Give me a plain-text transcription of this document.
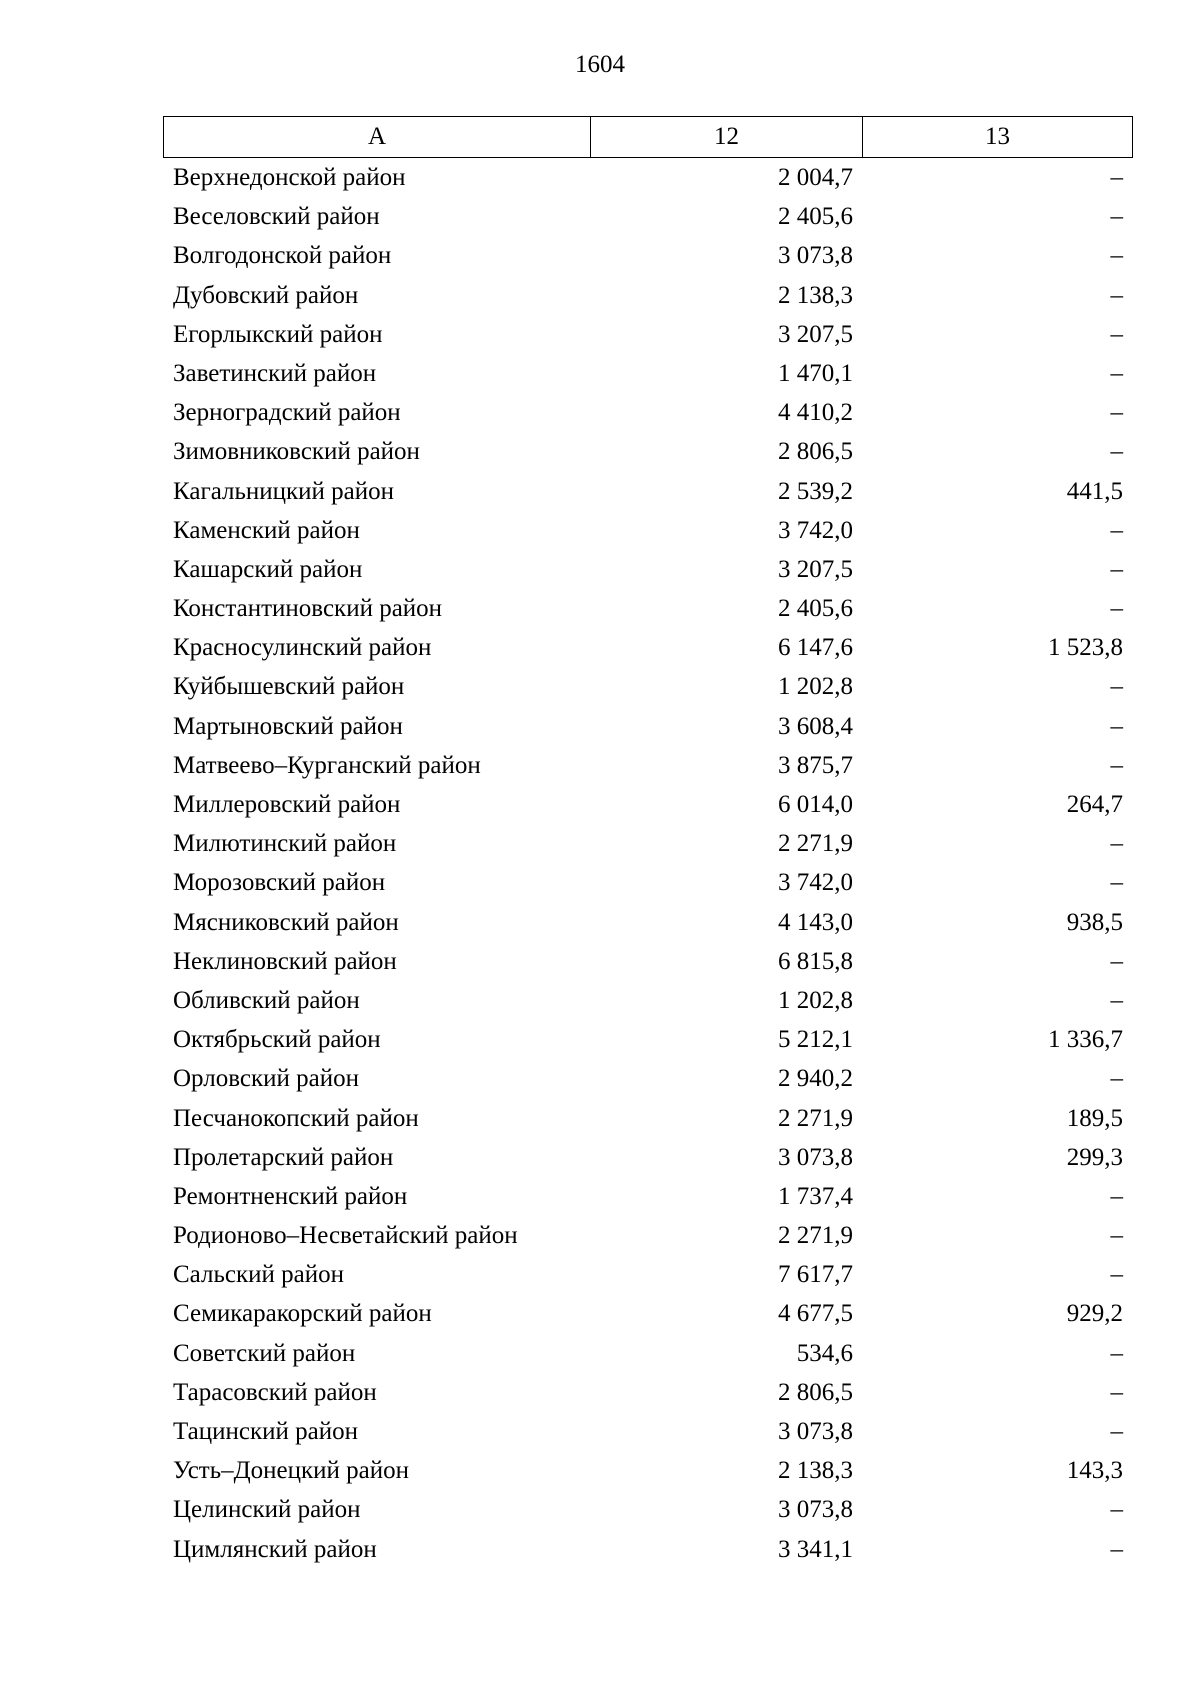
1604
А	12	13
Верхнедонской район	2 004,7	–
Веселовский район	2 405,6	–
Волгодонской район	3 073,8	–
Дубовский район	2 138,3	–
Егорлыкский район	3 207,5	–
Заветинский район	1 470,1	–
Зерноградский район	4 410,2	–
Зимовниковский район	2 806,5	–
Кагальницкий район	2 539,2	441,5
Каменский район	3 742,0	–
Кашарский район	3 207,5	–
Константиновский район	2 405,6	–
Красносулинский район	6 147,6	1 523,8
Куйбышевский район	1 202,8	–
Мартыновский район	3 608,4	–
Матвеево–Курганский район	3 875,7	–
Миллеровский район	6 014,0	264,7
Милютинский район	2 271,9	–
Морозовский район	3 742,0	–
Мясниковский район	4 143,0	938,5
Неклиновский район	6 815,8	–
Обливский район	1 202,8	–
Октябрьский район	5 212,1	1 336,7
Орловский район	2 940,2	–
Песчанокопский район	2 271,9	189,5
Пролетарский район	3 073,8	299,3
Ремонтненский район	1 737,4	–
Родионово–Несветайский район	2 271,9	–
Сальский район	7 617,7	–
Семикаракорский район	4 677,5	929,2
Советский район	534,6	–
Тарасовский район	2 806,5	–
Тацинский район	3 073,8	–
Усть–Донецкий район	2 138,3	143,3
Целинский район	3 073,8	–
Цимлянский район	3 341,1	–
